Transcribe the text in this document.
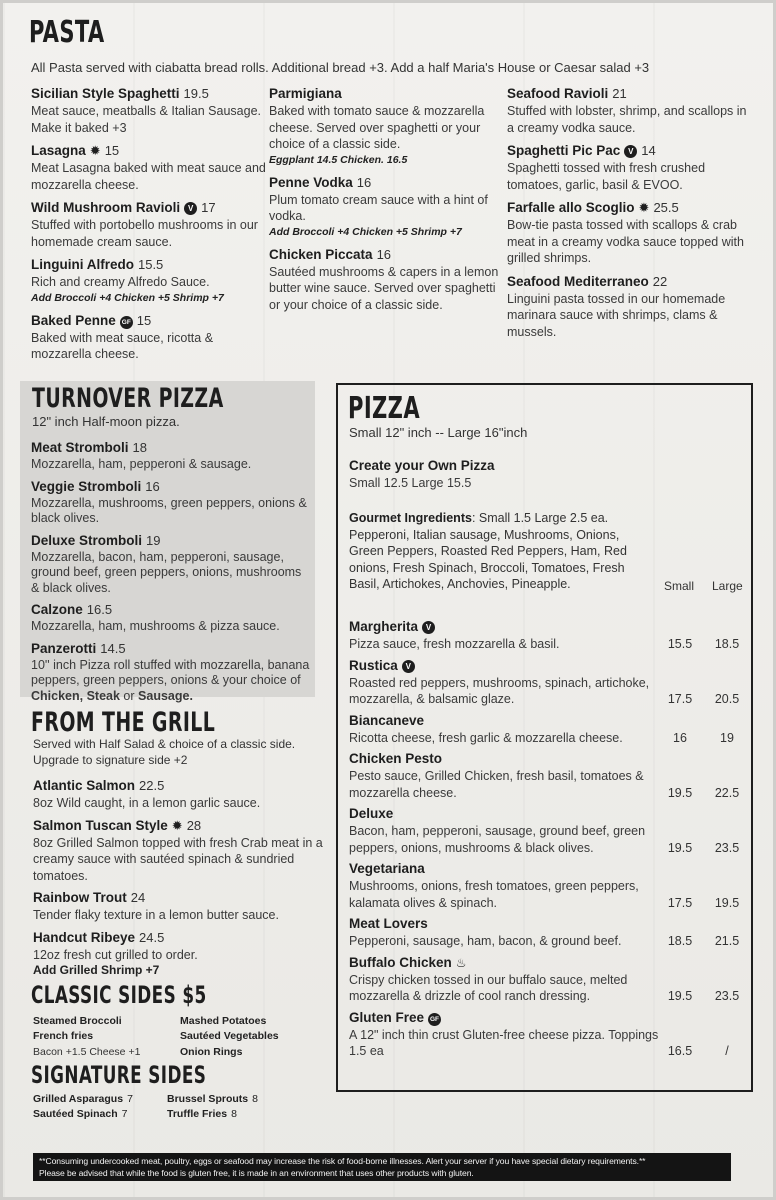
PASTA
All Pasta served with ciabatta bread rolls. Additional bread +3. Add a half Maria's House or Caesar salad +3
Sicilian Style Spaghetti 19.5
Meat sauce, meatballs & Italian Sausage. Make it baked +3
Lasagna ✹ 15
Meat Lasagna baked with meat sauce and mozzarella cheese.
Wild Mushroom Ravioli V 17
Stuffed with portobello mushrooms in our homemade cream sauce.
Linguini Alfredo 15.5
Rich and creamy Alfredo Sauce.
Add Broccoli +4 Chicken +5 Shrimp +7
Baked Penne GF 15
Baked with meat sauce, ricotta & mozzarella cheese.
Parmigiana
Baked with tomato sauce & mozzarella cheese. Served over spaghetti or your choice of a classic side.
Eggplant 14.5 Chicken. 16.5
Penne Vodka 16
Plum tomato cream sauce with a hint of vodka.
Add Broccoli +4 Chicken +5 Shrimp +7
Chicken Piccata 16
Sautéed mushrooms & capers in a lemon butter wine sauce. Served over spaghetti or your choice of a classic side.
Seafood Ravioli 21
Stuffed with lobster, shrimp, and scallops in a creamy vodka sauce.
Spaghetti Pic Pac V 14
Spaghetti tossed with fresh crushed tomatoes, garlic, basil & EVOO.
Farfalle allo Scoglio ✹ 25.5
Bow-tie pasta tossed with scallops & crab meat in a creamy vodka sauce topped with grilled shrimps.
Seafood Mediterraneo 22
Linguini pasta tossed in our homemade marinara sauce with shrimps, clams & mussels.
TURNOVER PIZZA
12" inch Half-moon pizza.
Meat Stromboli 18
Mozzarella, ham, pepperoni & sausage.
Veggie Stromboli 16
Mozzarella, mushrooms, green peppers, onions & black olives.
Deluxe Stromboli 19
Mozzarella, bacon, ham, pepperoni, sausage, ground beef, green peppers, onions, mushrooms & black olives.
Calzone 16.5
Mozzarella, ham, mushrooms & pizza sauce.
Panzerotti 14.5
10'' inch Pizza roll stuffed with mozzarella, banana peppers, green peppers, onions & your choice of Chicken, Steak or Sausage.
FROM THE GRILL
Served with Half Salad & choice of a classic side. Upgrade to signature side +2
Atlantic Salmon 22.5
8oz Wild caught, in a lemon garlic sauce.
Salmon Tuscan Style ✹ 28
8oz Grilled Salmon topped with fresh Crab meat in a creamy sauce with sautéed spinach & sundried tomatoes.
Rainbow Trout 24
Tender flaky texture in a lemon butter sauce.
Handcut Ribeye 24.5
12oz fresh cut grilled to order.
Add Grilled Shrimp +7
CLASSIC SIDES $5
Steamed Broccoli
French fries
Bacon +1.5 Cheese +1
Mashed Potatoes
Sautéed Vegetables
Onion Rings
SIGNATURE SIDES
Grilled Asparagus 7
Sautéed Spinach 7
Brussel Sprouts 8
Truffle Fries 8
PIZZA
Small 12" inch -- Large 16"inch
Create your Own Pizza
Small 12.5 Large 15.5
Gourmet Ingredients: Small 1.5 Large 2.5 ea. Pepperoni, Italian sausage, Mushrooms, Onions, Green Peppers, Roasted Red Peppers, Ham, Red onions, Fresh Spinach, Broccoli, Tomatoes, Fresh Basil, Artichokes, Anchovies, Pineapple.	Small Large
Margherita V
Pizza sauce, fresh mozzarella & basil.	15.5	18.5
Rustica V
Roasted red peppers, mushrooms, spinach, artichoke, mozzarella, & balsamic glaze.	17.5	20.5
Biancaneve
Ricotta cheese, fresh garlic & mozzarella cheese.	16	19
Chicken Pesto
Pesto sauce, Grilled Chicken, fresh basil, tomatoes & mozzarella cheese.	19.5	22.5
Deluxe
Bacon, ham, pepperoni, sausage, ground beef, green peppers, onions, mushrooms & black olives.	19.5	23.5
Vegetariana
Mushrooms, onions, fresh tomatoes, green peppers, kalamata olives & spinach.	17.5	19.5
Meat Lovers
Pepperoni, sausage, ham, bacon, & ground beef.	18.5	21.5
Buffalo Chicken ♨
Crispy chicken tossed in our buffalo sauce, melted mozzarella & drizzle of cool ranch dressing.	19.5	23.5
Gluten Free GF
A 12" inch thin crust Gluten-free cheese pizza. Toppings 1.5 ea	16.5	/
**Consuming undercooked meat, poultry, eggs or seafood may increase the risk of food-borne illnesses. Alert your server if you have special dietary requirements.**
Please be advised that while the food is gluten free, it is made in an environment that uses other products with gluten.
